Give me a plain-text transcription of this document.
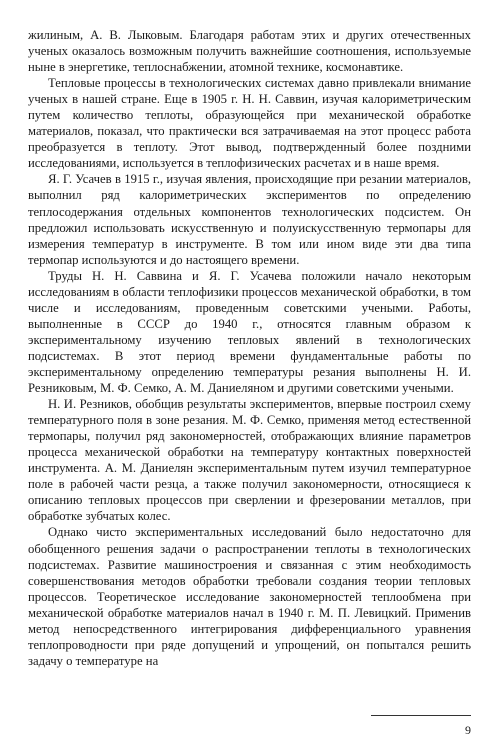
жилиным, А. В. Лыковым. Благодаря работам этих и других отечественных ученых оказалось возможным получить важнейшие соотношения, используемые ныне в энергетике, теплоснабжении, атомной технике, космонавтике.

Тепловые процессы в технологических системах давно привлекали внимание ученых в нашей стране. Еще в 1905 г. Н. Н. Саввин, изучая калориметрическим путем количество теплоты, образующейся при механической обработке материалов, показал, что практически вся затрачиваемая на этот процесс работа преобразуется в теплоту. Этот вывод, подтвержденный более поздними исследованиями, используется в теплофизических расчетах и в наше время.

Я. Г. Усачев в 1915 г., изучая явления, происходящие при резании материалов, выполнил ряд калориметрических экспериментов по определению теплосодержания отдельных компонентов технологических подсистем. Он предложил использовать искусственную и полуискусственную термопары для измерения температур в инструменте. В том или ином виде эти два типа термопар используются и до настоящего времени.

Труды Н. Н. Саввина и Я. Г. Усачева положили начало некоторым исследованиям в области теплофизики процессов механической обработки, в том числе и исследованиям, проведенным советскими учеными. Работы, выполненные в СССР до 1940 г., относятся главным образом к экспериментальному изучению тепловых явлений в технологических подсистемах. В этот период времени фундаментальные работы по экспериментальному определению температуры резания выполнены Н. И. Резниковым, М. Ф. Семко, А. М. Даниеляном и другими советскими учеными.

Н. И. Резников, обобщив результаты экспериментов, впервые построил схему температурного поля в зоне резания. М. Ф. Семко, применяя метод естественной термопары, получил ряд закономерностей, отображающих влияние параметров процесса механической обработки на температуру контактных поверхностей инструмента. А. М. Даниелян экспериментальным путем изучил температурное поле в рабочей части резца, а также получил закономерности, относящиеся к описанию тепловых процессов при сверлении и фрезеровании металлов, при обработке зубчатых колес.

Однако чисто экспериментальных исследований было недостаточно для обобщенного решения задачи о распространении теплоты в технологических подсистемах. Развитие машиностроения и связанная с этим необходимость совершенствования методов обработки требовали создания теории тепловых процессов. Теоретическое исследование закономерностей теплообмена при механической обработке материалов начал в 1940 г. М. П. Левицкий. Применив метод непосредственного интегрирования дифференциального уравнения теплопроводности при ряде допущений и упрощений, он попытался решить задачу о температуре на

9
